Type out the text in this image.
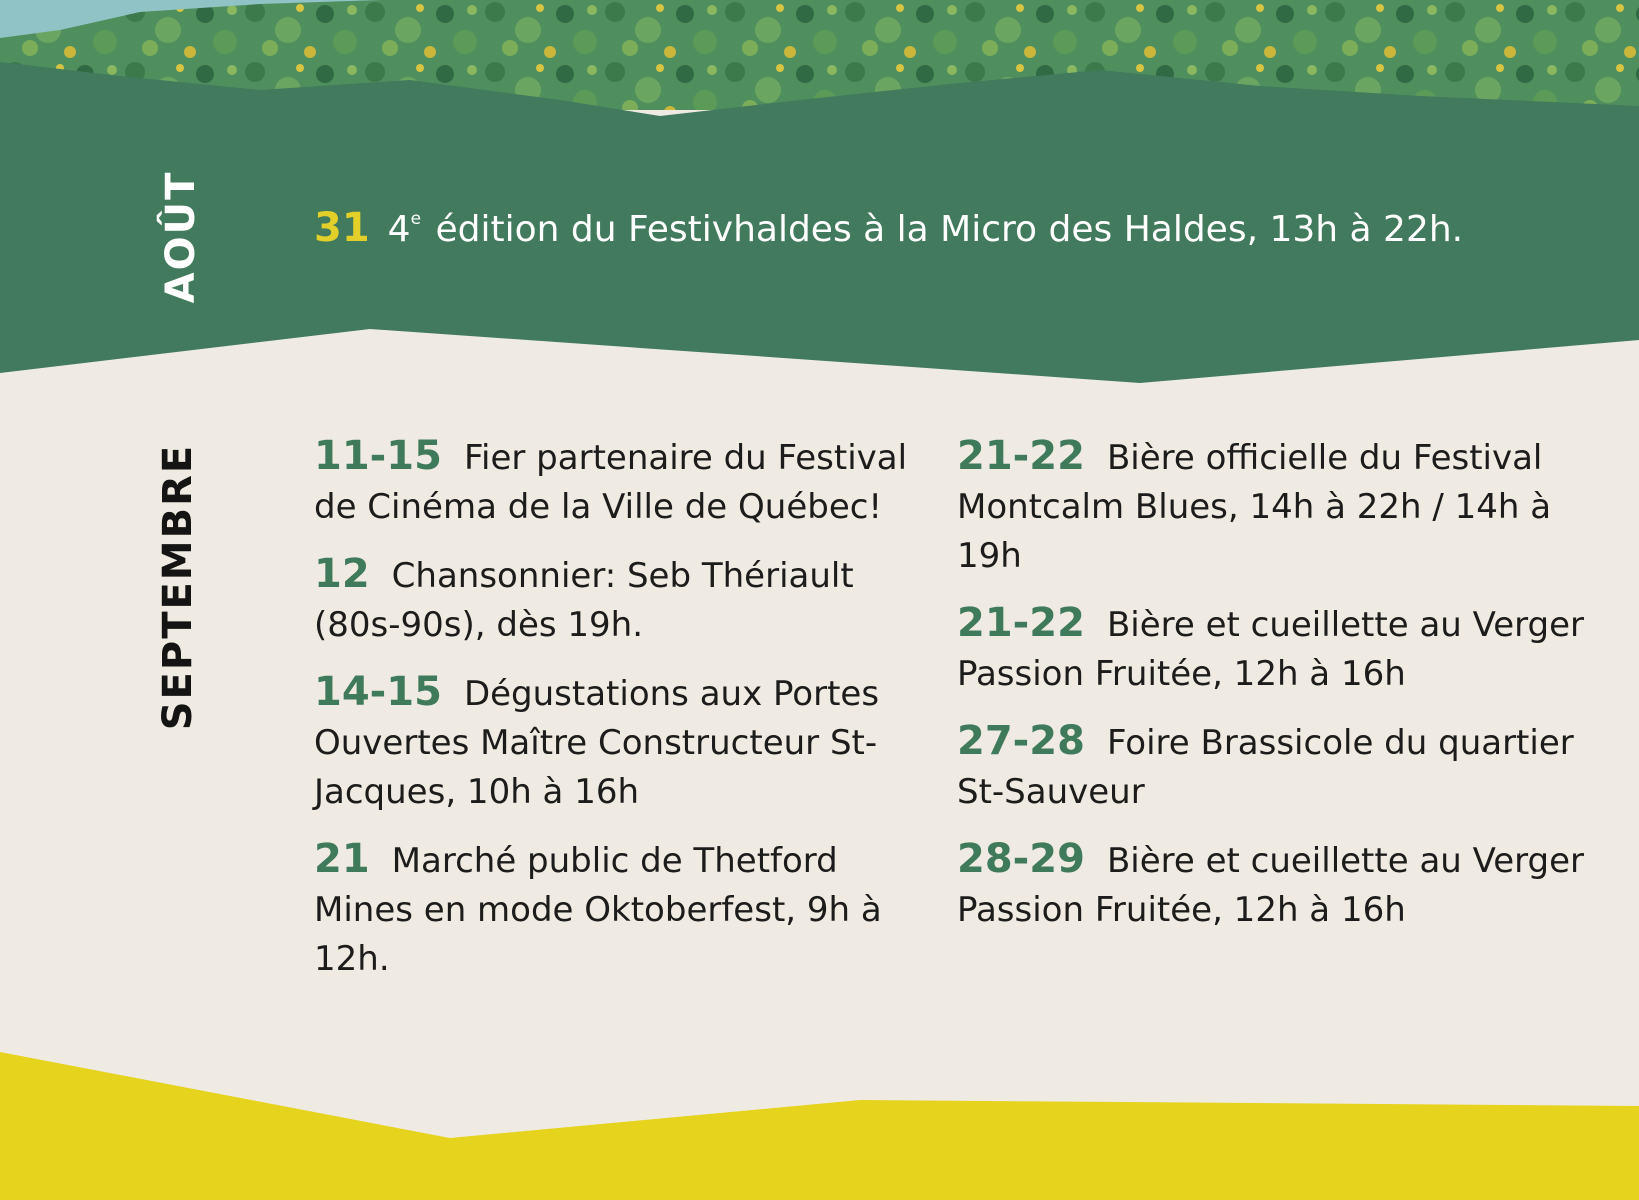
AOÛT	31 4e édition du Festivhaldes à la Micro des Haldes, 13h à 22h.
SEPTEMBRE	11-15 Fier partenaire du Festival de Cinéma de la Ville de Québec!
12 Chansonnier: Seb Thériault (80s-90s), dès 19h.
14-15 Dégustations aux Portes Ouvertes Maître Constructeur St-Jacques, 10h à 16h
21 Marché public de Thetford Mines en mode Oktoberfest, 9h à 12h.
21-22 Bière officielle du Festival Montcalm Blues, 14h à 22h / 14h à 19h
21-22 Bière et cueillette au Verger Passion Fruitée, 12h à 16h
27-28 Foire Brassicole du quartier St-Sauveur
28-29 Bière et cueillette au Verger Passion Fruitée, 12h à 16h
